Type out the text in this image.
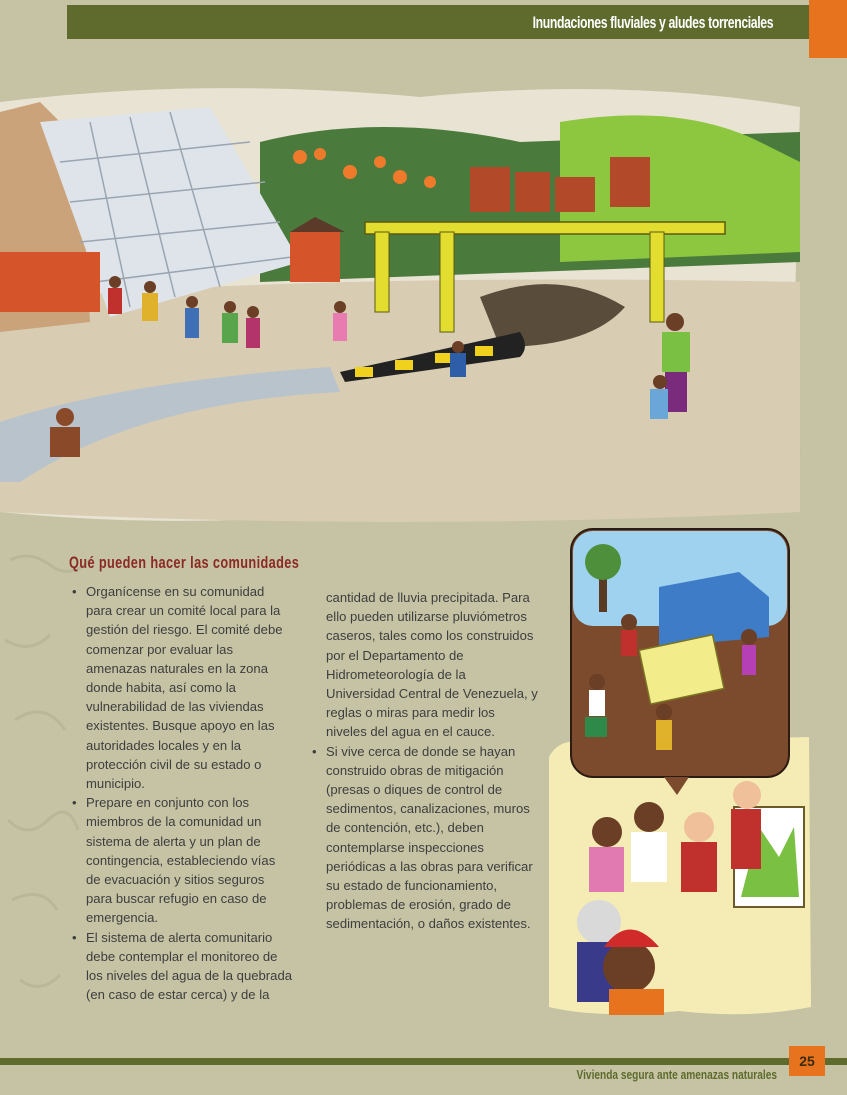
Inundaciones fluviales y aludes torrenciales
Qué pueden hacer las comunidades
• Organícense en su comunidad para crear un comité local para la gestión del riesgo. El comité debe comenzar por evaluar las amenazas naturales en la zona donde habita, así como la vulnerabilidad de las viviendas existentes. Busque apoyo en las autoridades locales y en la protección civil de su estado o municipio.
• Prepare en conjunto con los miembros de la comunidad un sistema de alerta y un plan de contingencia, estableciendo vías de evacuación y sitios seguros para buscar refugio en caso de emergencia.
• El sistema de alerta comunitario debe contemplar el monitoreo de los niveles del agua de la quebrada (en caso de estar cerca) y de la
cantidad de lluvia precipitada. Para ello pueden utilizarse pluviómetros caseros, tales como los construidos por el Departamento de Hidrometeorología de la Universidad Central de Venezuela, y reglas o miras para medir los niveles del agua en el cauce.
• Si vive cerca de donde se hayan construido obras de mitigación (presas o diques de control de sedimentos, canalizaciones, muros de contención, etc.), deben contemplarse inspecciones periódicas a las obras para verificar su estado de funcionamiento, problemas de erosión, grado de sedimentación, o daños existentes.
Vivienda segura ante amenazas naturales
25
